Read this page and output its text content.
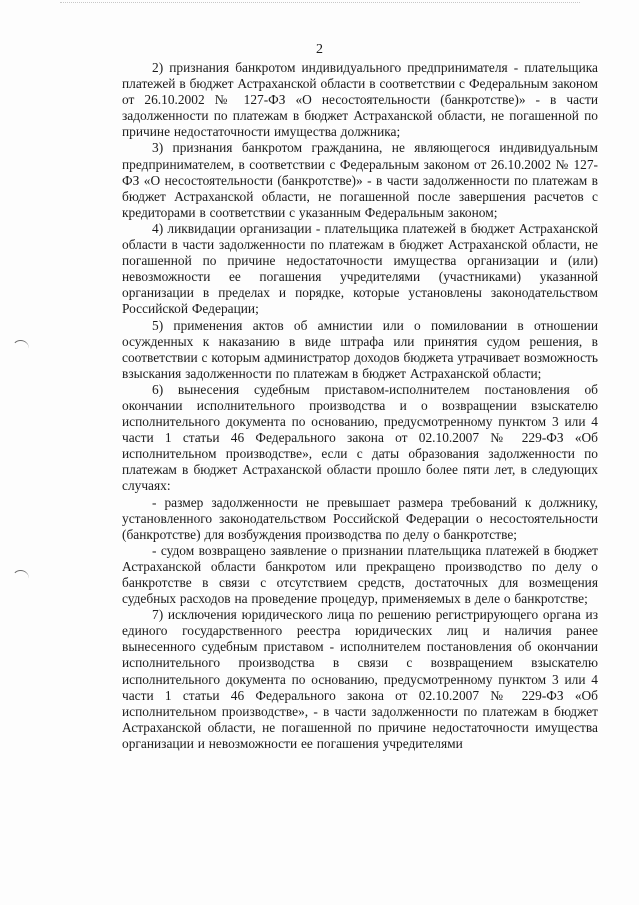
2

2) признания банкротом индивидуального предпринимателя - плательщика платежей в бюджет Астраханской области в соответствии с Федеральным законом от 26.10.2002 № 127-ФЗ «О несостоятельности (банкротстве)» - в части задолженности по платежам в бюджет Астраханской области, не погашенной по причине недостаточности имущества должника;

3) признания банкротом гражданина, не являющегося индивидуальным предпринимателем, в соответствии с Федеральным законом от 26.10.2002 № 127-ФЗ «О несостоятельности (банкротстве)» - в части задолженности по платежам в бюджет Астраханской области, не погашенной после завершения расчетов с кредиторами в соответствии с указанным Федеральным законом;

4) ликвидации организации - плательщика платежей в бюджет Астраханской области в части задолженности по платежам в бюджет Астраханской области, не погашенной по причине недостаточности имущества организации и (или) невозможности ее погашения учредителями (участниками) указанной организации в пределах и порядке, которые установлены законодательством Российской Федерации;

5) применения актов об амнистии или о помиловании в отношении осужденных к наказанию в виде штрафа или принятия судом решения, в соответствии с которым администратор доходов бюджета утрачивает возможность взыскания задолженности по платежам в бюджет Астраханской области;

6) вынесения судебным приставом-исполнителем постановления об окончании исполнительного производства и о возвращении взыскателю исполнительного документа по основанию, предусмотренному пунктом 3 или 4 части 1 статьи 46 Федерального закона от 02.10.2007 № 229-ФЗ «Об исполнительном производстве», если с даты образования задолженности по платежам в бюджет Астраханской области прошло более пяти лет, в следующих случаях:

- размер задолженности не превышает размера требований к должнику, установленного законодательством Российской Федерации о несостоятельности (банкротстве) для возбуждения производства по делу о банкротстве;

- судом возвращено заявление о признании плательщика платежей в бюджет Астраханской области банкротом или прекращено производство по делу о банкротстве в связи с отсутствием средств, достаточных для возмещения судебных расходов на проведение процедур, применяемых в деле о банкротстве;

7) исключения юридического лица по решению регистрирующего органа из единого государственного реестра юридических лиц и наличия ранее вынесенного судебным приставом - исполнителем постановления об окончании исполнительного производства в связи с возвращением взыскателю исполнительного документа по основанию, предусмотренному пунктом 3 или 4 части 1 статьи 46 Федерального закона от 02.10.2007 № 229-ФЗ «Об исполнительном производстве», - в части задолженности по платежам в бюджет Астраханской области, не погашенной по причине недостаточности имущества организации и невозможности ее погашения учредителями
